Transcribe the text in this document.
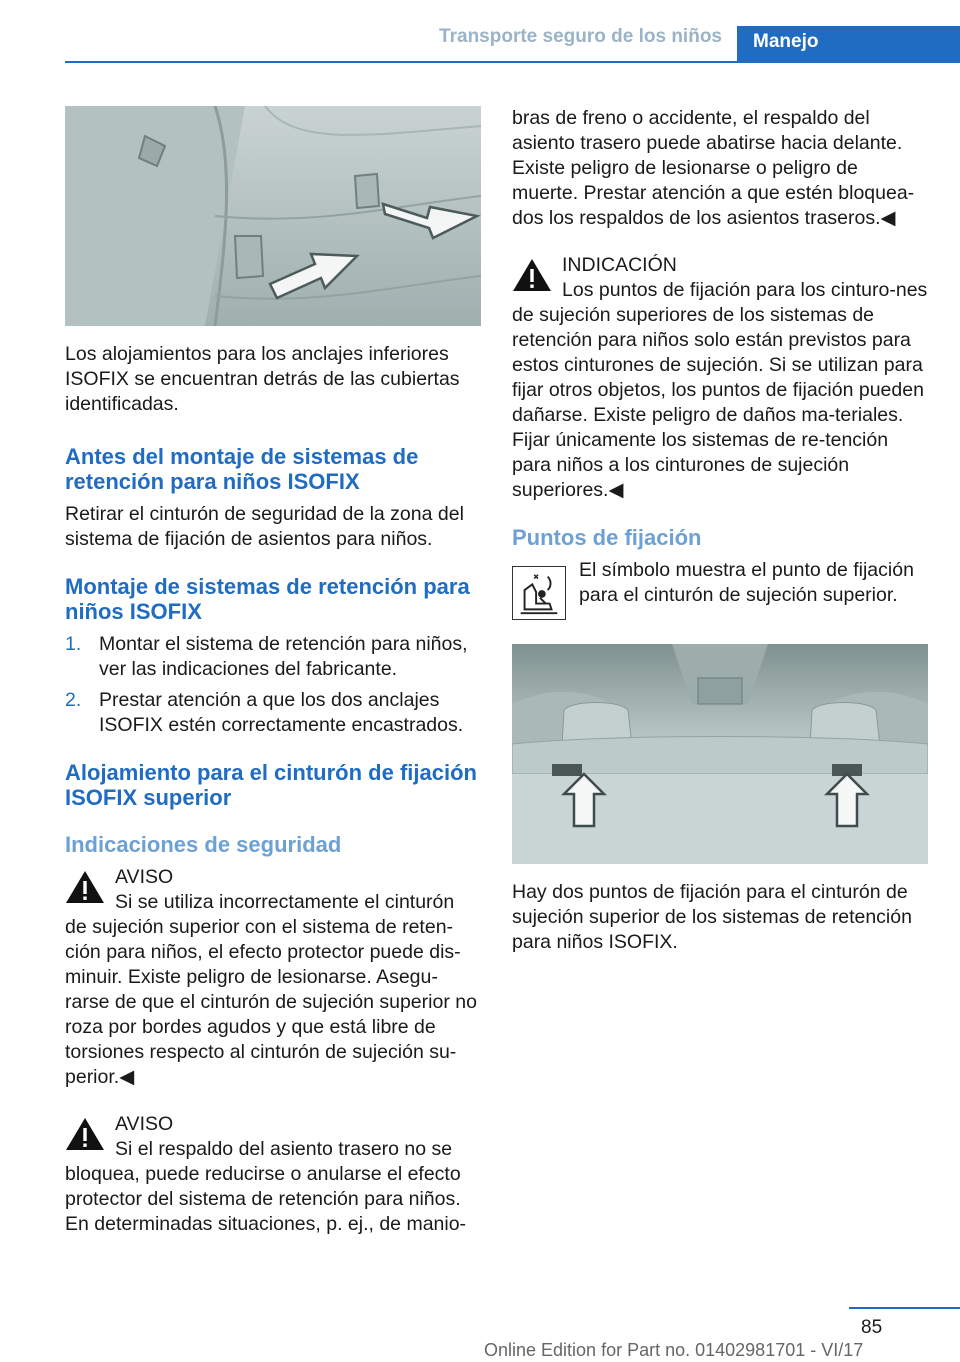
Transporte seguro de los niños	Manejo

Los alojamientos para los anclajes inferiores ISOFIX se encuentran detrás de las cubiertas identificadas.

Antes del montaje de sistemas de retención para niños ISOFIX

Retirar el cinturón de seguridad de la zona del sistema de fijación de asientos para niños.

Montaje de sistemas de retención para niños ISOFIX
1. Montar el sistema de retención para niños, ver las indicaciones del fabricante.
2. Prestar atención a que los dos anclajes ISOFIX estén correctamente encastrados.
Alojamiento para el cinturón de fijación ISOFIX superior
Indicaciones de seguridad

AVISO

Si se utiliza incorrectamente el cinturón de sujeción superior con el sistema de reten-ción para niños, el efecto protector puede dis-minuir. Existe peligro de lesionarse. Asegu-rarse de que el cinturón de sujeción superior no roza por bordes agudos y que está libre de torsiones respecto al cinturón de sujeción su-perior.◀

AVISO

Si el respaldo del asiento trasero no se bloquea, puede reducirse o anularse el efecto protector del sistema de retención para niños. En determinadas situaciones, p. ej., de manio-

bras de freno o accidente, el respaldo del asiento trasero puede abatirse hacia delante. Existe peligro de lesionarse o peligro de muerte. Prestar atención a que estén bloquea-dos los respaldos de los asientos traseros.◀

INDICACIÓN

Los puntos de fijación para los cinturo-nes de sujeción superiores de los sistemas de retención para niños solo están previstos para estos cinturones de sujeción. Si se utilizan para fijar otros objetos, los puntos de fijación pueden dañarse. Existe peligro de daños ma-teriales. Fijar únicamente los sistemas de re-tención para niños a los cinturones de sujeción superiores.◀

Puntos de fijación

El símbolo muestra el punto de fijación para el cinturón de sujeción superior.

Hay dos puntos de fijación para el cinturón de sujeción superior de los sistemas de retención para niños ISOFIX.

85
Online Edition for Part no. 01402981701 - VI/17
